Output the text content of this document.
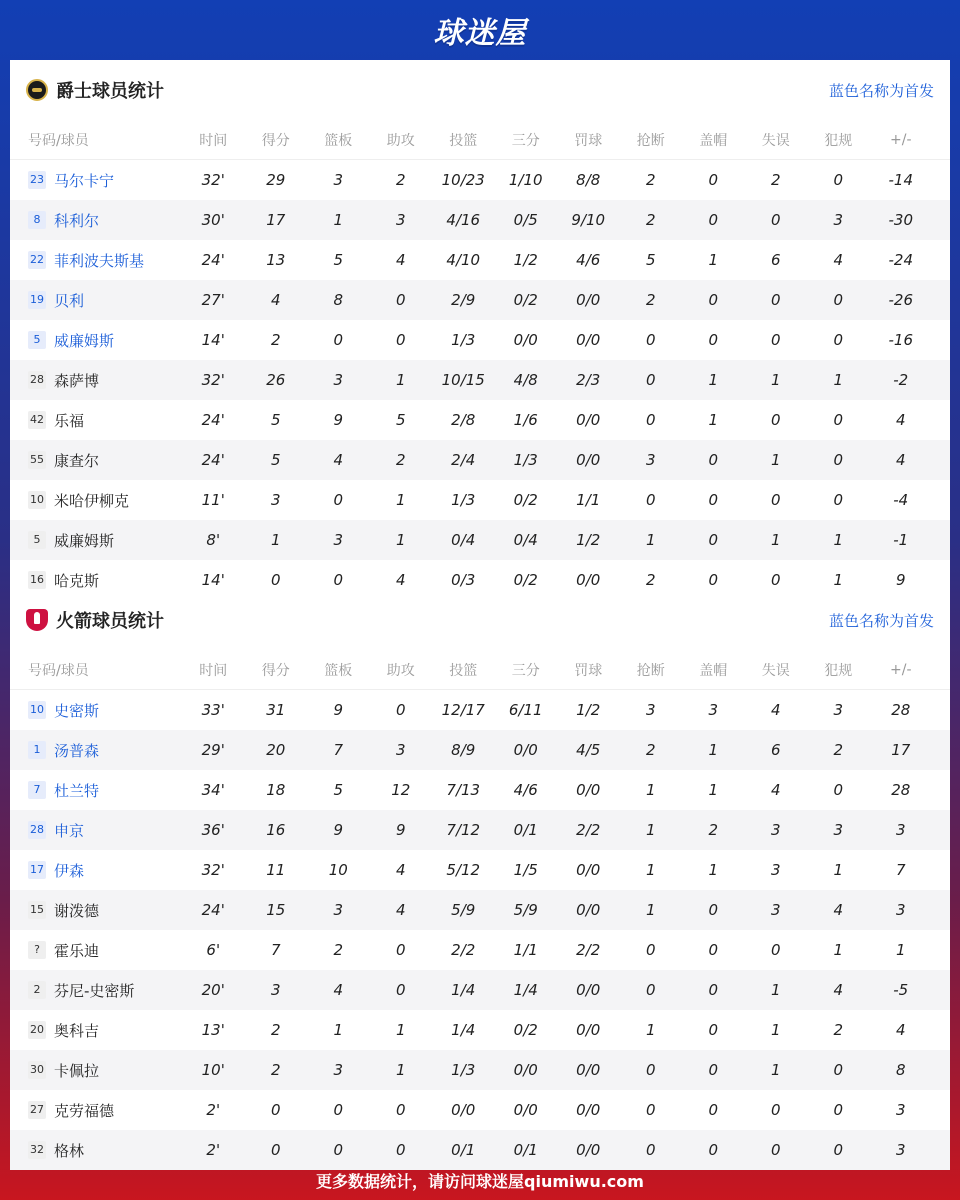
球迷屋
爵士球员统计	蓝色名称为首发
号码/球员	时间	得分	篮板	助攻	投篮	三分	罚球	抢断	盖帽	失误	犯规	+/-
23 马尔卡宁	32'	29	3	2	10/23	1/10	8/8	2	0	2	0	-14
8 科利尔	30'	17	1	3	4/16	0/5	9/10	2	0	0	3	-30
22 菲利波夫斯基	24'	13	5	4	4/10	1/2	4/6	5	1	6	4	-24
19 贝利	27'	4	8	0	2/9	0/2	0/0	2	0	0	0	-26
5 威廉姆斯	14'	2	0	0	1/3	0/0	0/0	0	0	0	0	-16
28 森萨博	32'	26	3	1	10/15	4/8	2/3	0	1	1	1	-2
42 乐福	24'	5	9	5	2/8	1/6	0/0	0	1	0	0	4
55 康查尔	24'	5	4	2	2/4	1/3	0/0	3	0	1	0	4
10 米哈伊柳克	11'	3	0	1	1/3	0/2	1/1	0	0	0	0	-4
5 威廉姆斯	8'	1	3	1	0/4	0/4	1/2	1	0	1	1	-1
16 哈克斯	14'	0	0	4	0/3	0/2	0/0	2	0	0	1	9
火箭球员统计	蓝色名称为首发
号码/球员	时间	得分	篮板	助攻	投篮	三分	罚球	抢断	盖帽	失误	犯规	+/-
10 史密斯	33'	31	9	0	12/17	6/11	1/2	3	3	4	3	28
1 汤普森	29'	20	7	3	8/9	0/0	4/5	2	1	6	2	17
7 杜兰特	34'	18	5	12	7/13	4/6	0/0	1	1	4	0	28
28 申京	36'	16	9	9	7/12	0/1	2/2	1	2	3	3	3
17 伊森	32'	11	10	4	5/12	1/5	0/0	1	1	3	1	7
15 谢泼德	24'	15	3	4	5/9	5/9	0/0	1	0	3	4	3
? 霍乐迪	6'	7	2	0	2/2	1/1	2/2	0	0	0	1	1
2 芬尼-史密斯	20'	3	4	0	1/4	1/4	0/0	0	0	1	4	-5
20 奥科吉	13'	2	1	1	1/4	0/2	0/0	1	0	1	2	4
30 卡佩拉	10'	2	3	1	1/3	0/0	0/0	0	0	1	0	8
27 克劳福德	2'	0	0	0	0/0	0/0	0/0	0	0	0	0	3
32 格林	2'	0	0	0	0/1	0/1	0/0	0	0	0	0	3
更多数据统计，请访问球迷屋qiumiwu.com
